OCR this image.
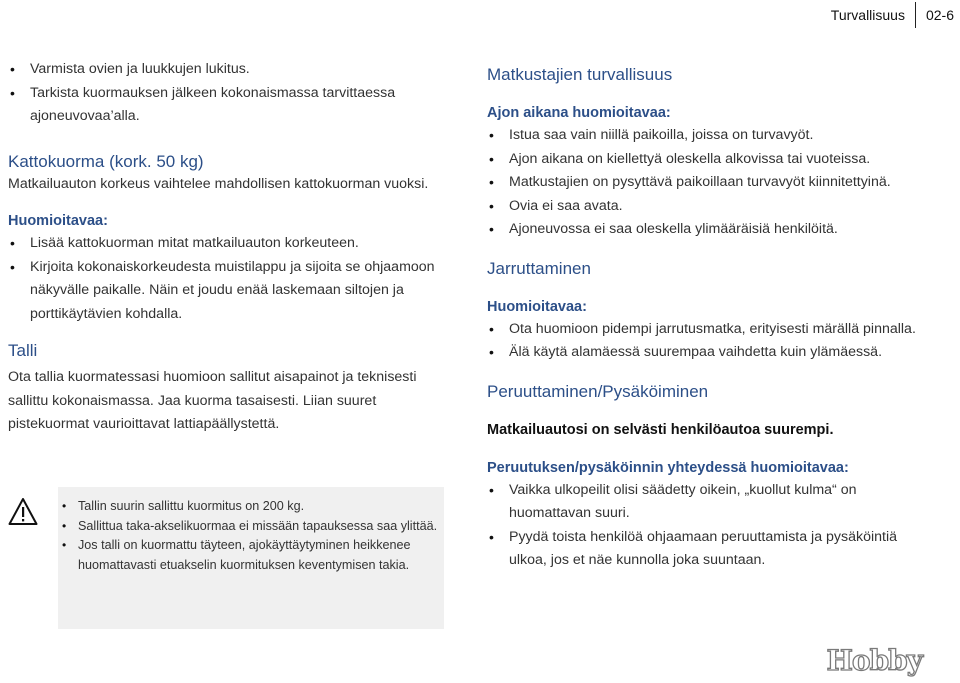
Turvallisuus	02-6
• Varmista ovien ja luukkujen lukitus.
• Tarkista kuormauksen jälkeen kokonaismassa tarvittaessa ajoneuvovaa’alla.
Kattokuorma (kork. 50 kg)

Matkailuauton korkeus vaihtelee mahdollisen kattokuorman vuoksi.

Huomioitavaa:
• Lisää kattokuorman mitat matkailuauton korkeuteen.
• Kirjoita kokonaiskorkeudesta muistilappu ja sijoita se ohjaamoon näkyvälle paikalle. Näin et joudu enää laskemaan siltojen ja porttikäytävien kohdalla.
Talli

Ota tallia kuormatessasi huomioon sallitut aisapainot ja teknisesti sallittu kokonaismassa. Jaa kuorma tasaisesti. Liian suuret pistekuormat vaurioittavat lattiapäällystettä.

• Tallin suurin sallittu kuormitus on 200 kg.
• Sallittua taka-akselikuormaa ei missään tapauksessa saa ylittää.
• Jos talli on kuormattu täyteen, ajokäyttäytyminen heikkenee huomattavasti etuakselin kuormituksen keventymisen takia.
Matkustajien turvallisuus
Ajon aikana huomioitavaa:
• Istua saa vain niillä paikoilla, joissa on turvavyöt.
• Ajon aikana on kiellettyä oleskella alkovissa tai vuoteissa.
• Matkustajien on pysyttävä paikoillaan turvavyöt kiinnitettyinä.
• Ovia ei saa avata.
• Ajoneuvossa ei saa oleskella ylimääräisiä henkilöitä.
Jarruttaminen
Huomioitavaa:
• Ota huomioon pidempi jarrutusmatka, erityisesti märällä pinnalla.
• Älä käytä alamäessä suurempaa vaihdetta kuin ylämäessä.
Peruuttaminen/Pysäköiminen
Matkailuautosi on selvästi henkilöautoa suurempi.
Peruutuksen/pysäköinnin yhteydessä huomioitavaa:
• Vaikka ulkopeilit olisi säädetty oikein, „kuollut kulma“ on huomattavan suuri.
• Pyydä toista henkilöä ohjaamaan peruuttamista ja pysäköintiä ulkoa, jos et näe kunnolla joka suuntaan.
Hobby
